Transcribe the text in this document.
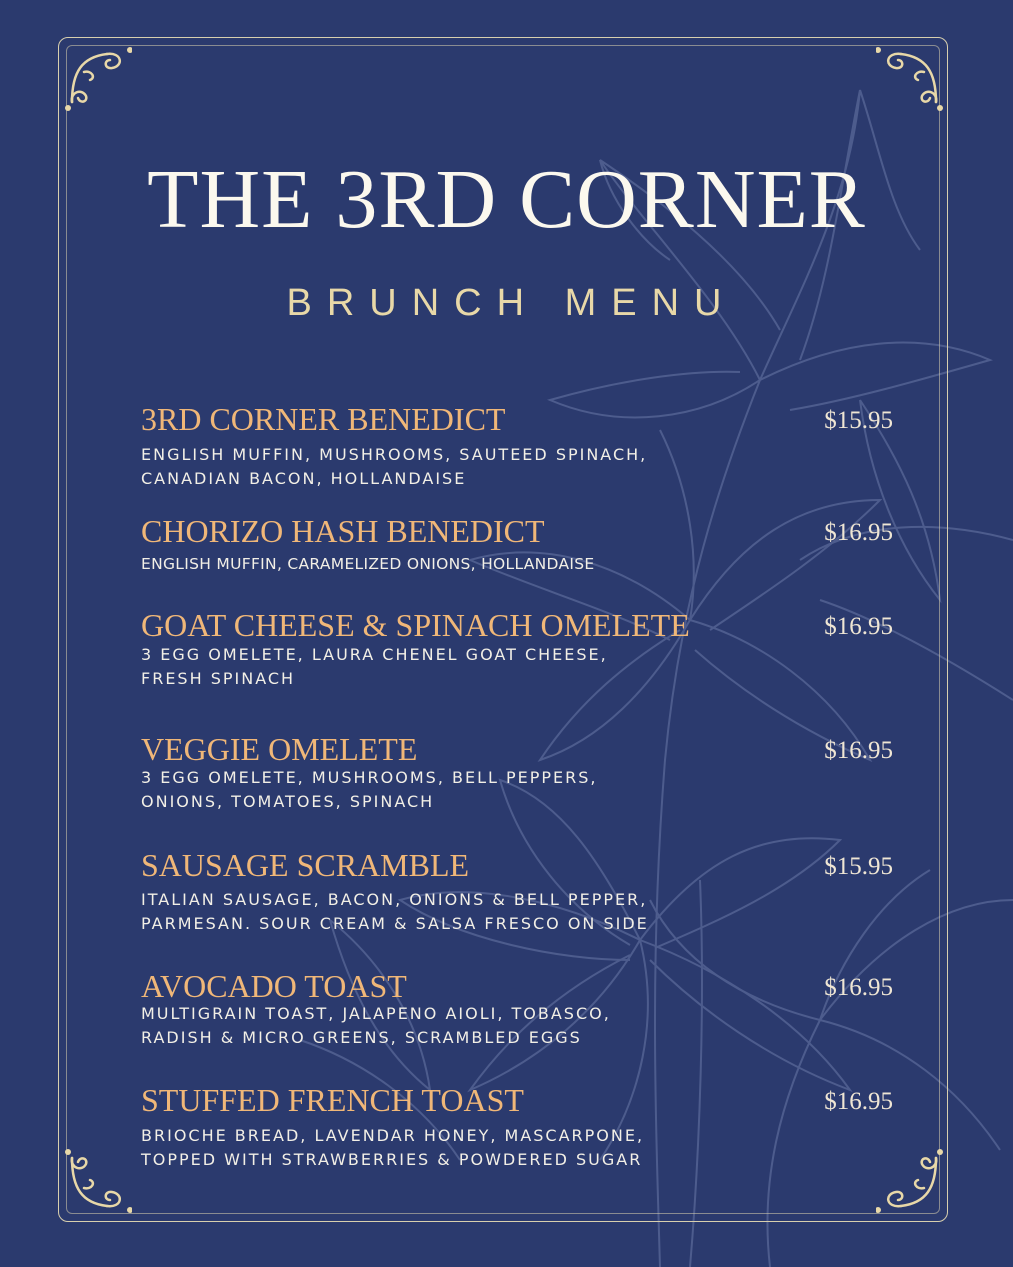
THE 3RD CORNER
BRUNCH MENU
3RD CORNER BENEDICT	$15.95
ENGLISH MUFFIN, MUSHROOMS, SAUTEED SPINACH,
CANADIAN BACON, HOLLANDAISE
CHORIZO HASH BENEDICT	$16.95
ENGLISH MUFFIN, CARAMELIZED ONIONS, HOLLANDAISE
GOAT CHEESE & SPINACH OMELETE	$16.95
3 EGG OMELETE, LAURA CHENEL GOAT CHEESE,
FRESH SPINACH
VEGGIE OMELETE	$16.95
3 EGG OMELETE, MUSHROOMS, BELL PEPPERS,
ONIONS, TOMATOES, SPINACH
SAUSAGE SCRAMBLE	$15.95
ITALIAN SAUSAGE, BACON, ONIONS & BELL PEPPER,
PARMESAN. SOUR CREAM & SALSA FRESCO ON SIDE
AVOCADO TOAST	$16.95
MULTIGRAIN TOAST, JALAPENO AIOLI, TOBASCO,
RADISH & MICRO GREENS, SCRAMBLED EGGS
STUFFED FRENCH TOAST	$16.95
BRIOCHE BREAD, LAVENDAR HONEY, MASCARPONE,
TOPPED WITH STRAWBERRIES & POWDERED SUGAR
